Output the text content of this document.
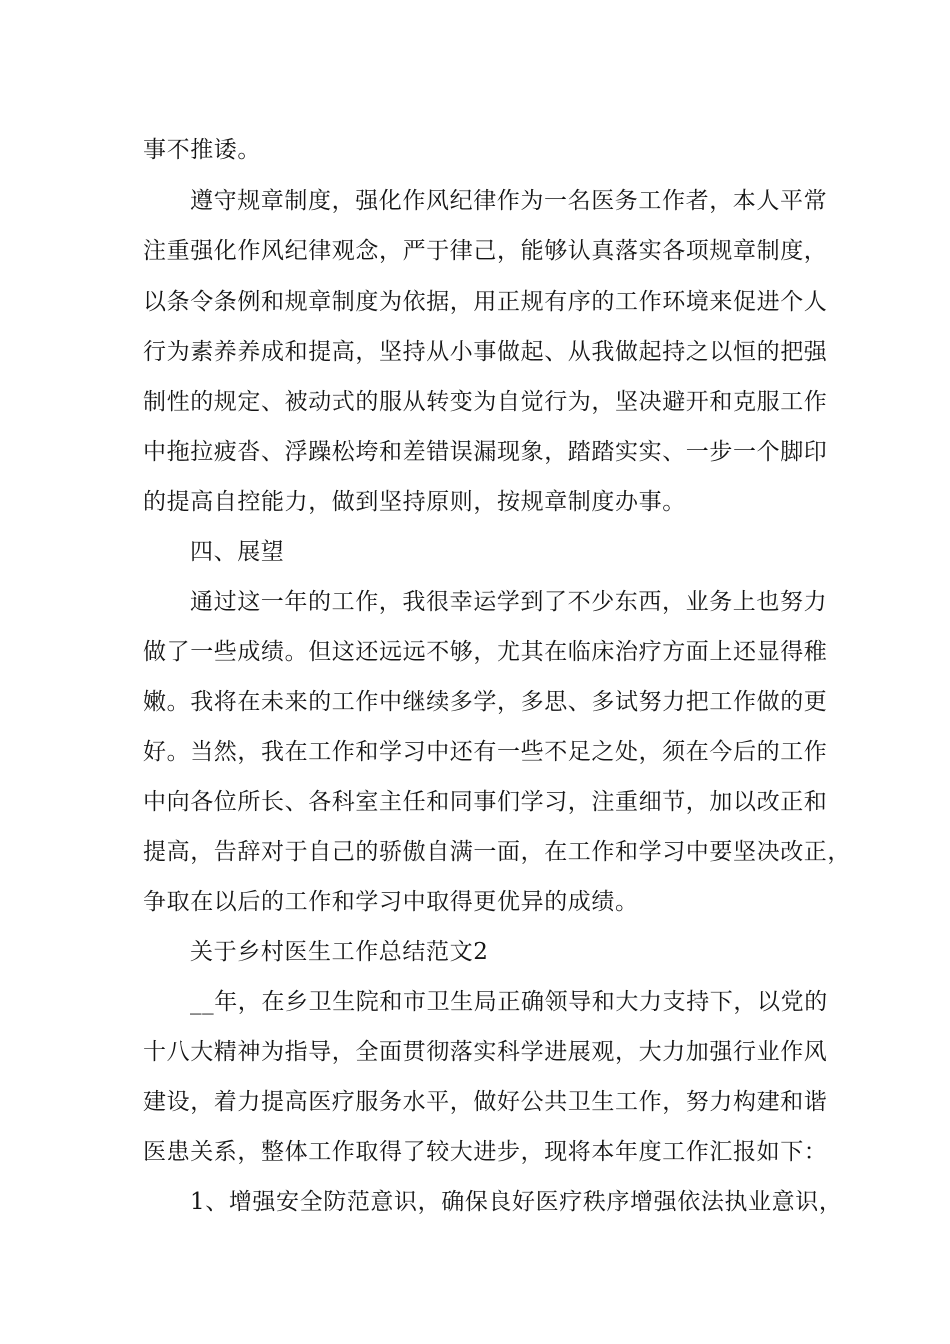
事不推诿。
遵守规章制度，强化作风纪律作为一名医务工作者，本人平常
注重强化作风纪律观念，严于律己，能够认真落实各项规章制度，
以条令条例和规章制度为依据，用正规有序的工作环境来促进个人
行为素养养成和提高，坚持从小事做起、从我做起持之以恒的把强
制性的规定、被动式的服从转变为自觉行为，坚决避开和克服工作
中拖拉疲沓、浮躁松垮和差错误漏现象，踏踏实实、一步一个脚印
的提高自控能力，做到坚持原则，按规章制度办事。
四、展望
通过这一年的工作，我很幸运学到了不少东西，业务上也努力
做了一些成绩。但这还远远不够，尤其在临床治疗方面上还显得稚
嫩。我将在未来的工作中继续多学，多思、多试努力把工作做的更
好。当然，我在工作和学习中还有一些不足之处，须在今后的工作
中向各位所长、各科室主任和同事们学习，注重细节，加以改正和
提高，告辞对于自己的骄傲自满一面，在工作和学习中要坚决改正，
争取在以后的工作和学习中取得更优异的成绩。
关于乡村医生工作总结范文2
__年，在乡卫生院和市卫生局正确领导和大力支持下，以党的
十八大精神为指导，全面贯彻落实科学进展观，大力加强行业作风
建设，着力提高医疗服务水平，做好公共卫生工作，努力构建和谐
医患关系，整体工作取得了较大进步，现将本年度工作汇报如下：
1、增强安全防范意识，确保良好医疗秩序增强依法执业意识，
